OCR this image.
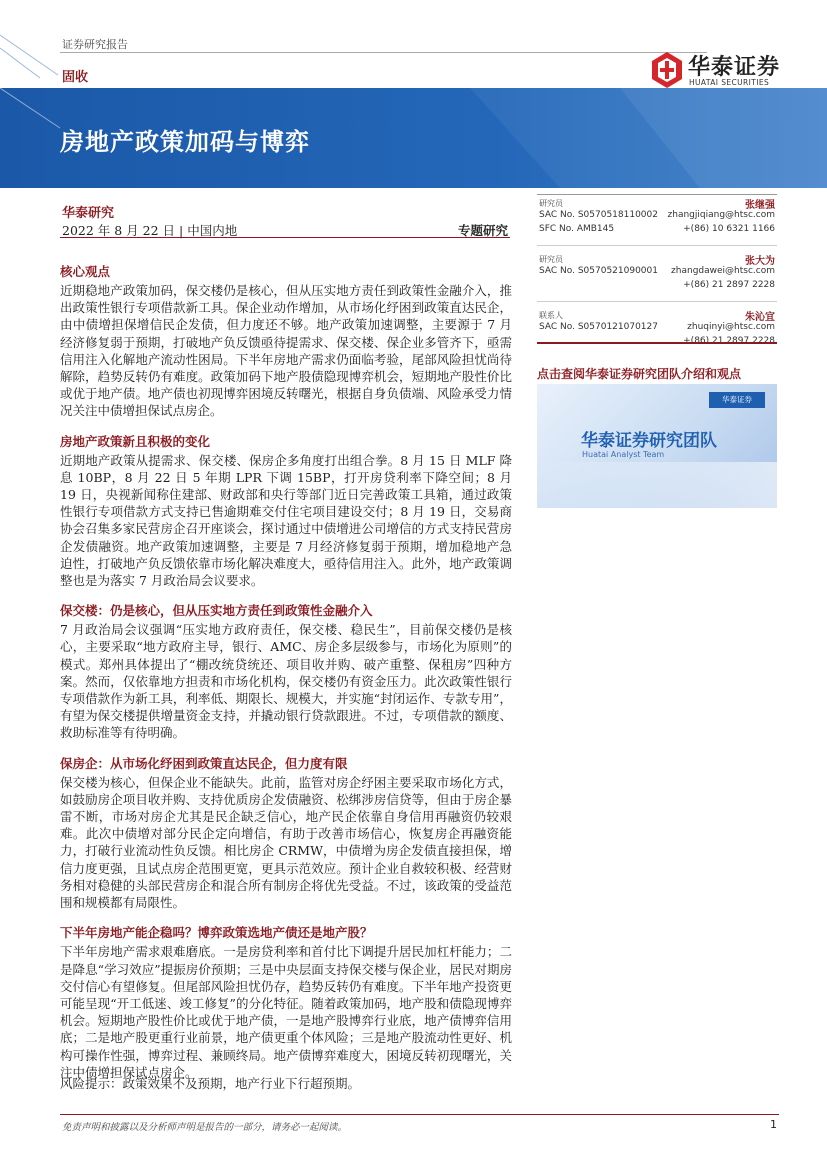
证券研究报告
固收	华泰证券
HUATAI SECURITIES
房地产政策加码与博弈
华泰研究
2022 年 8 月 22 日 | 中国内地	专题研究
研究员	张继强
SAC No. S0570518110002 zhangjiqiang@htsc.com
SFC No. AMB145	+(86) 10 6321 1166
研究员	张大为
SAC No. S0570521090001 zhangdawei@htsc.com
+(86) 21 2897 2228
联系人	朱沁宜
SAC No. S0570121070127	zhuqinyi@htsc.com
+(86) 21 2897 2228
点击查阅华泰证券研究团队介绍和观点
华泰证券
华泰证券研究团队
Huatai Analyst Team
核心观点
近期稳地产政策加码，保交楼仍是核心，但从压实地方责任到政策性金融介入，推出政策性银行专项借款新工具。保企业动作增加，从市场化纾困到政策直达民企，由中债增担保增信民企发债，但力度还不够。地产政策加速调整，主要源于 7 月经济修复弱于预期，打破地产负反馈亟待提需求、保交楼、保企业多管齐下，亟需信用注入化解地产流动性困局。下半年房地产需求仍面临考验，尾部风险担忧尚待解除，趋势反转仍有难度。政策加码下地产股债隐现博弈机会，短期地产股性价比或优于地产债。地产债也初现博弈困境反转曙光，根据自身负债端、风险承受力情况关注中债增担保试点房企。
房地产政策新且积极的变化
近期地产政策从提需求、保交楼、保房企多角度打出组合拳。8 月 15 日 MLF 降息 10BP，8 月 22 日 5 年期 LPR 下调 15BP，打开房贷利率下降空间；8 月 19 日，央视新闻称住建部、财政部和央行等部门近日完善政策工具箱，通过政策性银行专项借款方式支持已售逾期难交付住宅项目建设交付；8 月 19 日，交易商协会召集多家民营房企召开座谈会，探讨通过中债增进公司增信的方式支持民营房企发债融资。地产政策加速调整，主要是 7 月经济修复弱于预期，增加稳地产急迫性，打破地产负反馈依靠市场化解决难度大，亟待信用注入。此外，地产政策调整也是为落实 7 月政治局会议要求。
保交楼：仍是核心，但从压实地方责任到政策性金融介入
7 月政治局会议强调“压实地方政府责任，保交楼、稳民生”，目前保交楼仍是核心，主要采取“地方政府主导，银行、AMC、房企多层级参与，市场化为原则”的模式。郑州具体提出了“棚改统贷统还、项目收并购、破产重整、保租房”四种方案。然而，仅依靠地方担责和市场化机构，保交楼仍有资金压力。此次政策性银行专项借款作为新工具，利率低、期限长、规模大，并实施“封闭运作、专款专用”，有望为保交楼提供增量资金支持，并撬动银行贷款跟进。不过，专项借款的额度、救助标准等有待明确。
保房企：从市场化纾困到政策直达民企，但力度有限
保交楼为核心，但保企业不能缺失。此前，监管对房企纾困主要采取市场化方式，如鼓励房企项目收并购、支持优质房企发债融资、松绑涉房信贷等，但由于房企暴雷不断，市场对房企尤其是民企缺乏信心，地产民企依靠自身信用再融资仍较艰难。此次中债增对部分民企定向增信，有助于改善市场信心，恢复房企再融资能力，打破行业流动性负反馈。相比房企 CRMW，中债增为房企发债直接担保，增信力度更强，且试点房企范围更宽，更具示范效应。预计企业自救较积极、经营财务相对稳健的头部民营房企和混合所有制房企将优先受益。不过，该政策的受益范围和规模都有局限性。
下半年房地产能企稳吗？博弈政策选地产债还是地产股？
下半年房地产需求艰难磨底。一是房贷利率和首付比下调提升居民加杠杆能力；二是降息“学习效应”提振房价预期；三是中央层面支持保交楼与保企业，居民对期房交付信心有望修复。但尾部风险担忧仍存，趋势反转仍有难度。下半年地产投资更可能呈现“开工低迷、竣工修复”的分化特征。随着政策加码，地产股和债隐现博弈机会。短期地产股性价比或优于地产债，一是地产股博弈行业底，地产债博弈信用底；二是地产股更重行业前景，地产债更重个体风险；三是地产股流动性更好、机构可操作性强，博弈过程、兼顾终局。地产债博弈难度大，困境反转初现曙光，关注中债增担保试点房企。
风险提示：政策效果不及预期，地产行业下行超预期。
免责声明和披露以及分析师声明是报告的一部分，请务必一起阅读。	1
